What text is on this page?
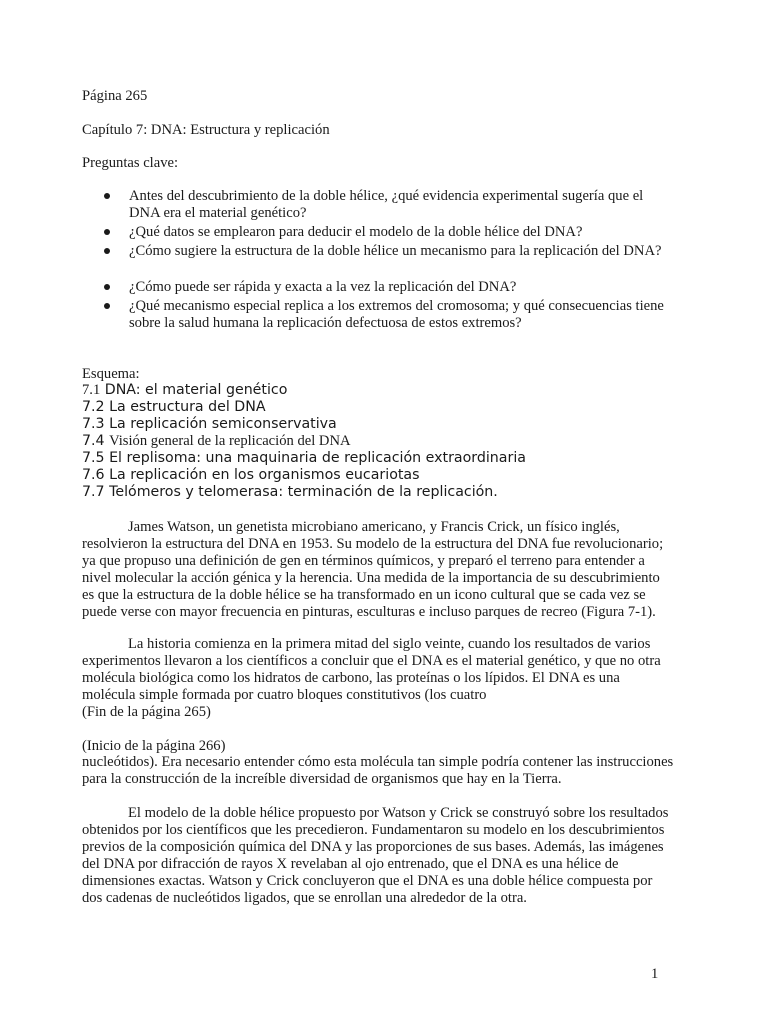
Página 265
Capítulo 7: DNA: Estructura y replicación
Preguntas clave:
Antes del descubrimiento de la doble hélice, ¿qué evidencia experimental sugería que el DNA era el material genético?
¿Qué datos se emplearon para deducir el modelo de la doble hélice del DNA?
¿Cómo sugiere la estructura de la doble hélice un mecanismo para la replicación del DNA?
¿Cómo puede ser rápida y exacta a la vez la replicación del DNA?
¿Qué mecanismo especial replica a los extremos del cromosoma; y qué consecuencias tiene sobre la salud humana la replicación defectuosa de estos extremos?
Esquema:
7.1 DNA: el material genético
7.2 La estructura del DNA
7.3 La replicación semiconservativa
7.4 Visión general de la replicación del DNA
7.5 El replisoma: una maquinaria de replicación extraordinaria
7.6 La replicación en los organismos eucariotas
7.7 Telómeros y telomerasa: terminación de la replicación.
James Watson, un genetista microbiano americano, y Francis Crick, un físico inglés, resolvieron la estructura del DNA en 1953. Su modelo de la estructura del DNA fue revolucionario; ya que propuso una definición de gen en términos químicos, y preparó el terreno para entender a nivel molecular la acción génica y la herencia. Una medida de la importancia de su descubrimiento es que la estructura de la doble hélice se ha transformado en un icono cultural que se cada vez se puede verse con mayor frecuencia en pinturas, esculturas e incluso parques de recreo (Figura 7-1).
La historia comienza en la primera mitad del siglo veinte, cuando los resultados de varios experimentos llevaron a los científicos a concluir que el DNA es el material genético, y que no otra molécula biológica como los hidratos de carbono, las proteínas o los lípidos. El DNA es una molécula simple formada por cuatro bloques constitutivos (los cuatro
(Fin de la página 265)
(Inicio de la página 266)
nucleótidos). Era necesario entender cómo esta molécula tan simple podría contener las instrucciones para la construcción de la increíble diversidad de organismos que hay en la Tierra.
El modelo de la doble hélice propuesto por Watson y Crick se construyó sobre los resultados obtenidos por los científicos que les precedieron. Fundamentaron su modelo en los descubrimientos previos de la composición química del DNA y las proporciones de sus bases. Además, las imágenes del DNA por difracción de rayos X revelaban al ojo entrenado, que el DNA es una hélice de dimensiones exactas. Watson y Crick concluyeron que el DNA es una doble hélice compuesta por dos cadenas de nucleótidos ligados, que se enrollan una alrededor de la otra.
1
